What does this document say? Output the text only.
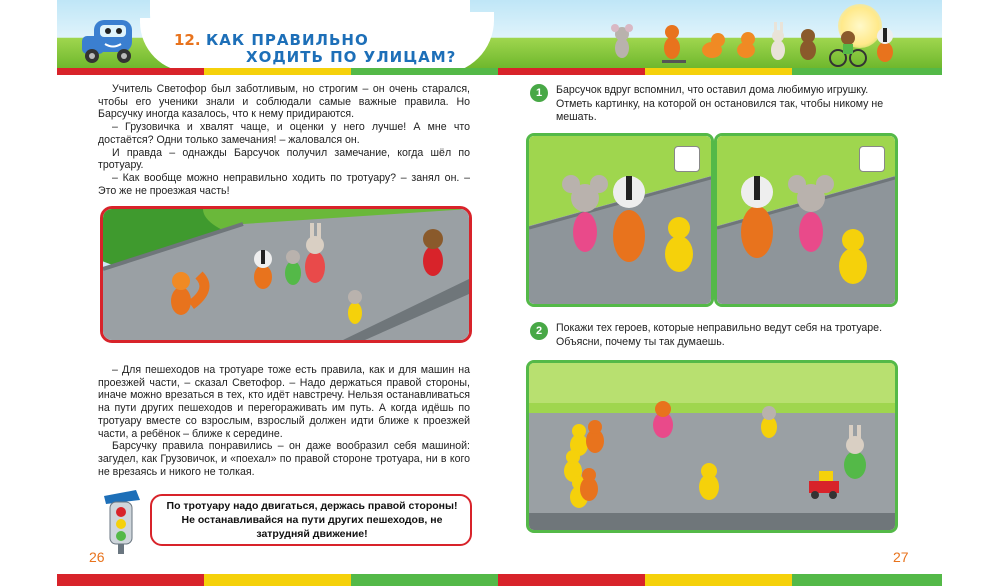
12. КАК ПРАВИЛЬНО
ХОДИТЬ ПО УЛИЦАМ?

Учитель Светофор был заботливым, но строгим – он очень старался, чтобы его ученики знали и соблюдали самые важные правила. Но Барсучку иногда казалось, что к нему придираются.

– Грузовичка и хвалят чаще, и оценки у него лучше! А мне что достаётся? Одни только замечания! – жаловался он.

И правда – однажды Барсучок получил замечание, когда шёл по тротуару.

– Как вообще можно неправильно ходить по тротуару? – занял он. – Это же не проезжая часть!

– Для пешеходов на тротуаре тоже есть правила, как и для машин на проезжей части, – сказал Светофор. – Надо держаться правой стороны, иначе можно врезаться в тех, кто идёт навстречу. Нельзя останавливаться на пути других пешеходов и перегораживать им путь. А когда идёшь по тротуару вместе со взрослым, взрослый должен идти ближе к проезжей части, а ребёнок – ближе к середине.

Барсучку правила понравились – он даже вообразил себя машиной: загудел, как Грузовичок, и «поехал» по правой стороне тротуара, ни в кого не врезаясь и никого не толкая.

По тротуару надо двигаться, держась правой стороны! Не останавливайся на пути других пешеходов, не затрудняй движение!
26
1	Барсучок вдруг вспомнил, что оставил дома любимую игрушку. Отметь картинку, на которой он остановился так, чтобы никому не мешать.
2	Покажи тех героев, которые неправильно ведут себя на тротуаре. Объясни, почему ты так думаешь.
27
